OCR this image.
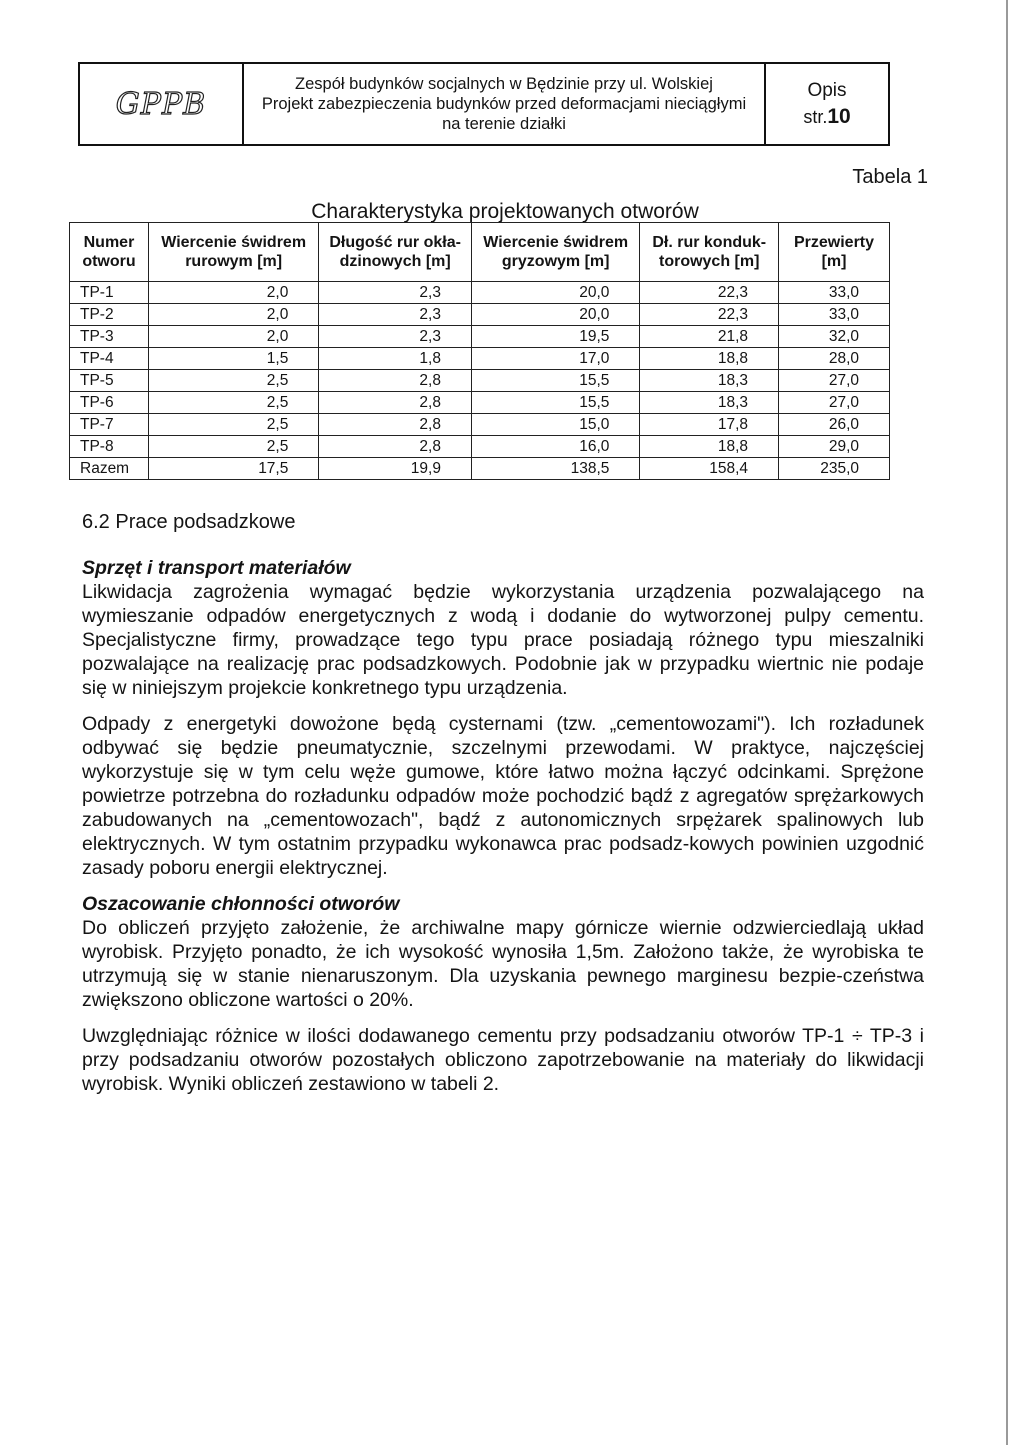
GPPB
Zespół budynków socjalnych w Będzinie przy ul. Wolskiej
Projekt zabezpieczenia budynków przed deformacjami nieciągłymi
na terenie działki
Opis
str.10
Tabela 1
Charakterystyka projektowanych otworów
Numer otworu	Wiercenie świdrem rurowym [m]	Długość rur okła-dzinowych [m]	Wiercenie świdrem gryzowym [m]	Dł. rur konduk-torowych [m]	Przewierty [m]
TP-1	2,0	2,3	20,0	22,3	33,0
TP-2	2,0	2,3	20,0	22,3	33,0
TP-3	2,0	2,3	19,5	21,8	32,0
TP-4	1,5	1,8	17,0	18,8	28,0
TP-5	2,5	2,8	15,5	18,3	27,0
TP-6	2,5	2,8	15,5	18,3	27,0
TP-7	2,5	2,8	15,0	17,8	26,0
TP-8	2,5	2,8	16,0	18,8	29,0
Razem	17,5	19,9	138,5	158,4	235,0

6.2 Prace podsadzkowe

Sprzęt i transport materiałów

Likwidacja zagrożenia wymagać będzie wykorzystania urządzenia pozwalającego na wymieszanie odpadów energetycznych z wodą i dodanie do wytworzonej pulpy cementu. Specjalistyczne firmy, prowadzące tego typu prace posiadają różnego typu mieszalniki pozwalające na realizację prac podsadzkowych. Podobnie jak w przypadku wiertnic nie podaje się w niniejszym projekcie konkretnego typu urządzenia.

Odpady z energetyki dowożone będą cysternami (tzw. „cementowozami"). Ich rozładunek odbywać się będzie pneumatycznie, szczelnymi przewodami. W praktyce, najczęściej wykorzystuje się w tym celu węże gumowe, które łatwo można łączyć odcinkami. Sprężone powietrze potrzebna do rozładunku odpadów może pochodzić bądź z agregatów sprężarkowych zabudowanych na „cementowozach", bądź z autonomicznych srpężarek spalinowych lub elektrycznych. W tym ostatnim przypadku wykonawca prac podsadz-kowych powinien uzgodnić zasady poboru energii elektrycznej.

Oszacowanie chłonności otworów

Do obliczeń przyjęto założenie, że archiwalne mapy górnicze wiernie odzwierciedlają układ wyrobisk. Przyjęto ponadto, że ich wysokość wynosiła 1,5m. Założono także, że wyrobiska te utrzymują się w stanie nienaruszonym. Dla uzyskania pewnego marginesu bezpie-czeństwa zwiększono obliczone wartości o 20%.

Uwzględniając różnice w ilości dodawanego cementu przy podsadzaniu otworów TP-1 ÷ TP-3 i przy podsadzaniu otworów pozostałych obliczono zapotrzebowanie na materiały do likwidacji wyrobisk. Wyniki obliczeń zestawiono w tabeli 2.
